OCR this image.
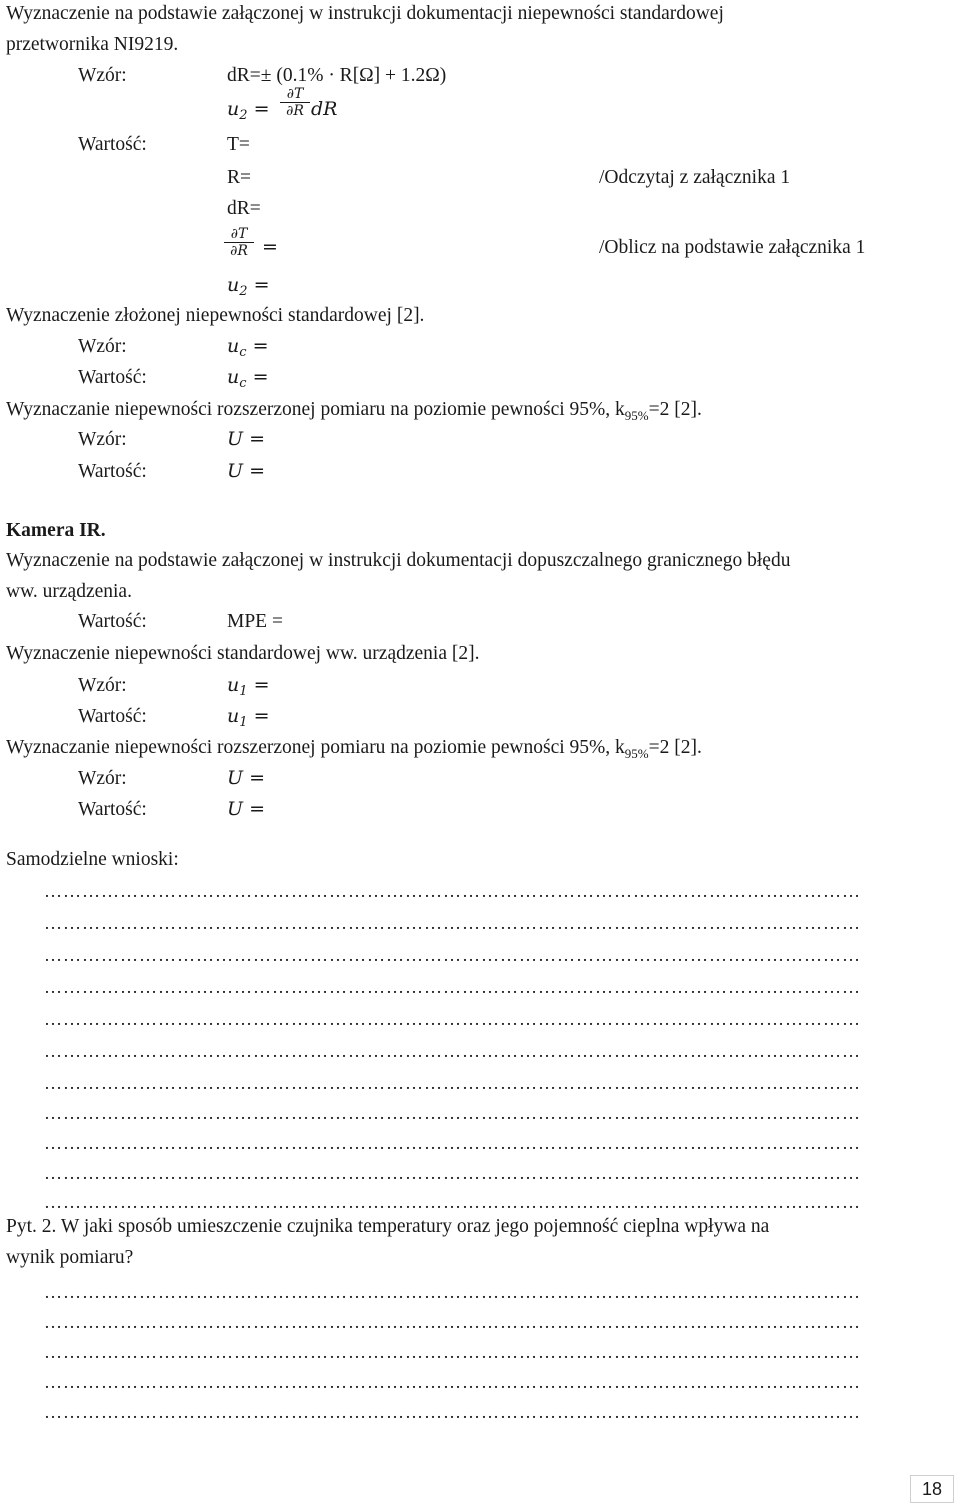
Wyznaczenie na podstawie załączonej w instrukcji dokumentacji niepewności standardowej
przetwornika NI9219.
Wzór:	dR=± (0.1% · R[Ω] + 1.2Ω)
$u_2$ =
∂T
∂R dR
Wartość:	T=
R=	/Odczytaj z załącznika 1
dR=
∂T
∂R =	/Oblicz na podstawie załącznika 1
$u_2$ =
Wyznaczenie złożonej niepewności standardowej [2].
Wzór:	$u_c$ =
Wartość:	$u_c$ =
Wyznaczanie niepewności rozszerzonej pomiaru na poziomie pewności 95%, $k_{95\%}=2$ [2].
Wzór:	U =
Wartość:	U =
Kamera IR.
Wyznaczenie na podstawie załączonej w instrukcji dokumentacji dopuszczalnego granicznego błędu
ww. urządzenia.
Wartość:	MPE =
Wyznaczenie niepewności standardowej ww. urządzenia [2].
Wzór:	$u_1$ =
Wartość:	$u_1$ =
Wyznaczanie niepewności rozszerzonej pomiaru na poziomie pewności 95%, $k_{95\%}=2$ [2].
Wzór:	U =
Wartość:	U =
Samodzielne wnioski:
…………………………………………………………………………………………………………………
…………………………………………………………………………………………………………………
…………………………………………………………………………………………………………………
…………………………………………………………………………………………………………………
…………………………………………………………………………………………………………………
…………………………………………………………………………………………………………………
…………………………………………………………………………………………………………………
…………………………………………………………………………………………………………………
…………………………………………………………………………………………………………………
…………………………………………………………………………………………………………………
…………………………………………………………………………………………………………………
Pyt. 2. W jaki sposób umieszczenie czujnika temperatury oraz jego pojemność cieplna wpływa na
wynik pomiaru?
…………………………………………………………………………………………………………………
…………………………………………………………………………………………………………………
…………………………………………………………………………………………………………………
…………………………………………………………………………………………………………………
…………………………………………………………………………………………………………………
18
